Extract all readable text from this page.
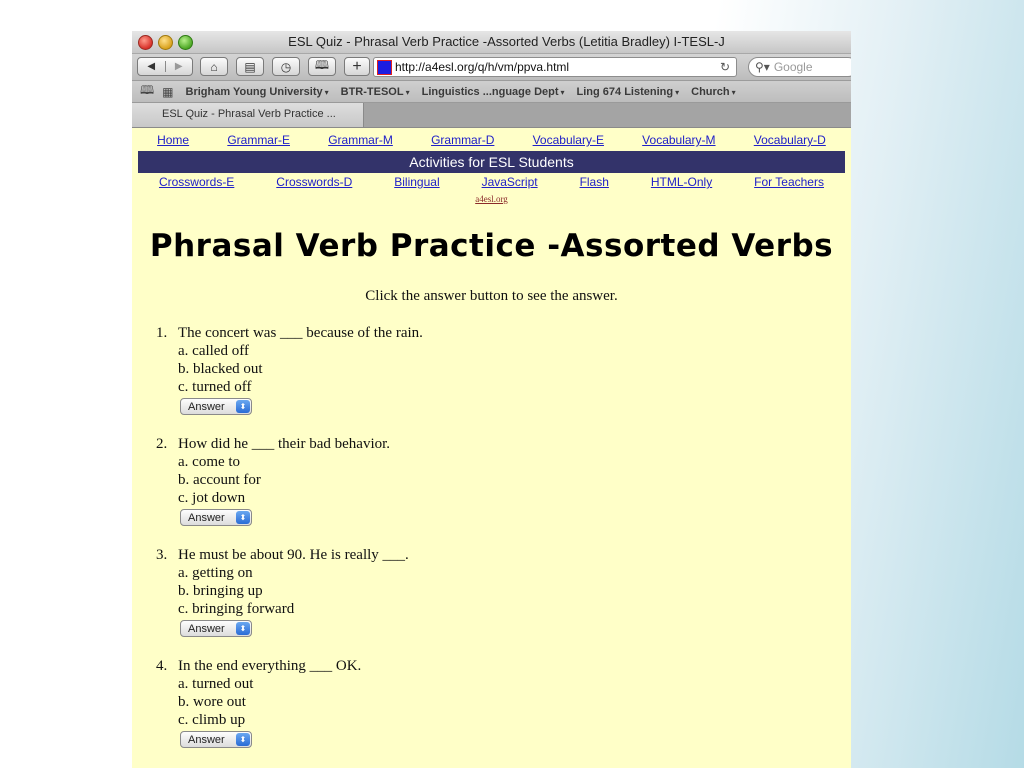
ESL Quiz - Phrasal Verb Practice -Assorted Verbs (Letitia Bradley) I-TESL-J
◀	▶	⌂ ▤ ◷ 🕮 +	http://a4esl.org/q/h/vm/ppva.html	↻	⚲▾ Google
🕮 ▦ Brigham Young University ▾ BTR-TESOL ▾ Linguistics ...nguage Dept ▾ Ling 674 Listening ▾ Church ▾
ESL Quiz - Phrasal Verb Practice ...
Home	Grammar-E	Grammar-M	Grammar-D	Vocabulary-E	Vocabulary-M	Vocabulary-D
Activities for ESL Students
Crosswords-E	Crosswords-D	Bilingual	JavaScript	Flash	HTML-Only	For Teachers
a4esl.org
Phrasal Verb Practice -Assorted Verbs
Click the answer button to see the answer.
1. The concert was ___ because of the rain.
a. called off
b. blacked out
c. turned off
Answer	⬍
2. How did he ___ their bad behavior.
a. come to
b. account for
c. jot down
Answer	⬍
3. He must be about 90. He is really ___.
a. getting on
b. bringing up
c. bringing forward
Answer	⬍
4. In the end everything ___ OK.
a. turned out
b. wore out
c. climb up
Answer	⬍
